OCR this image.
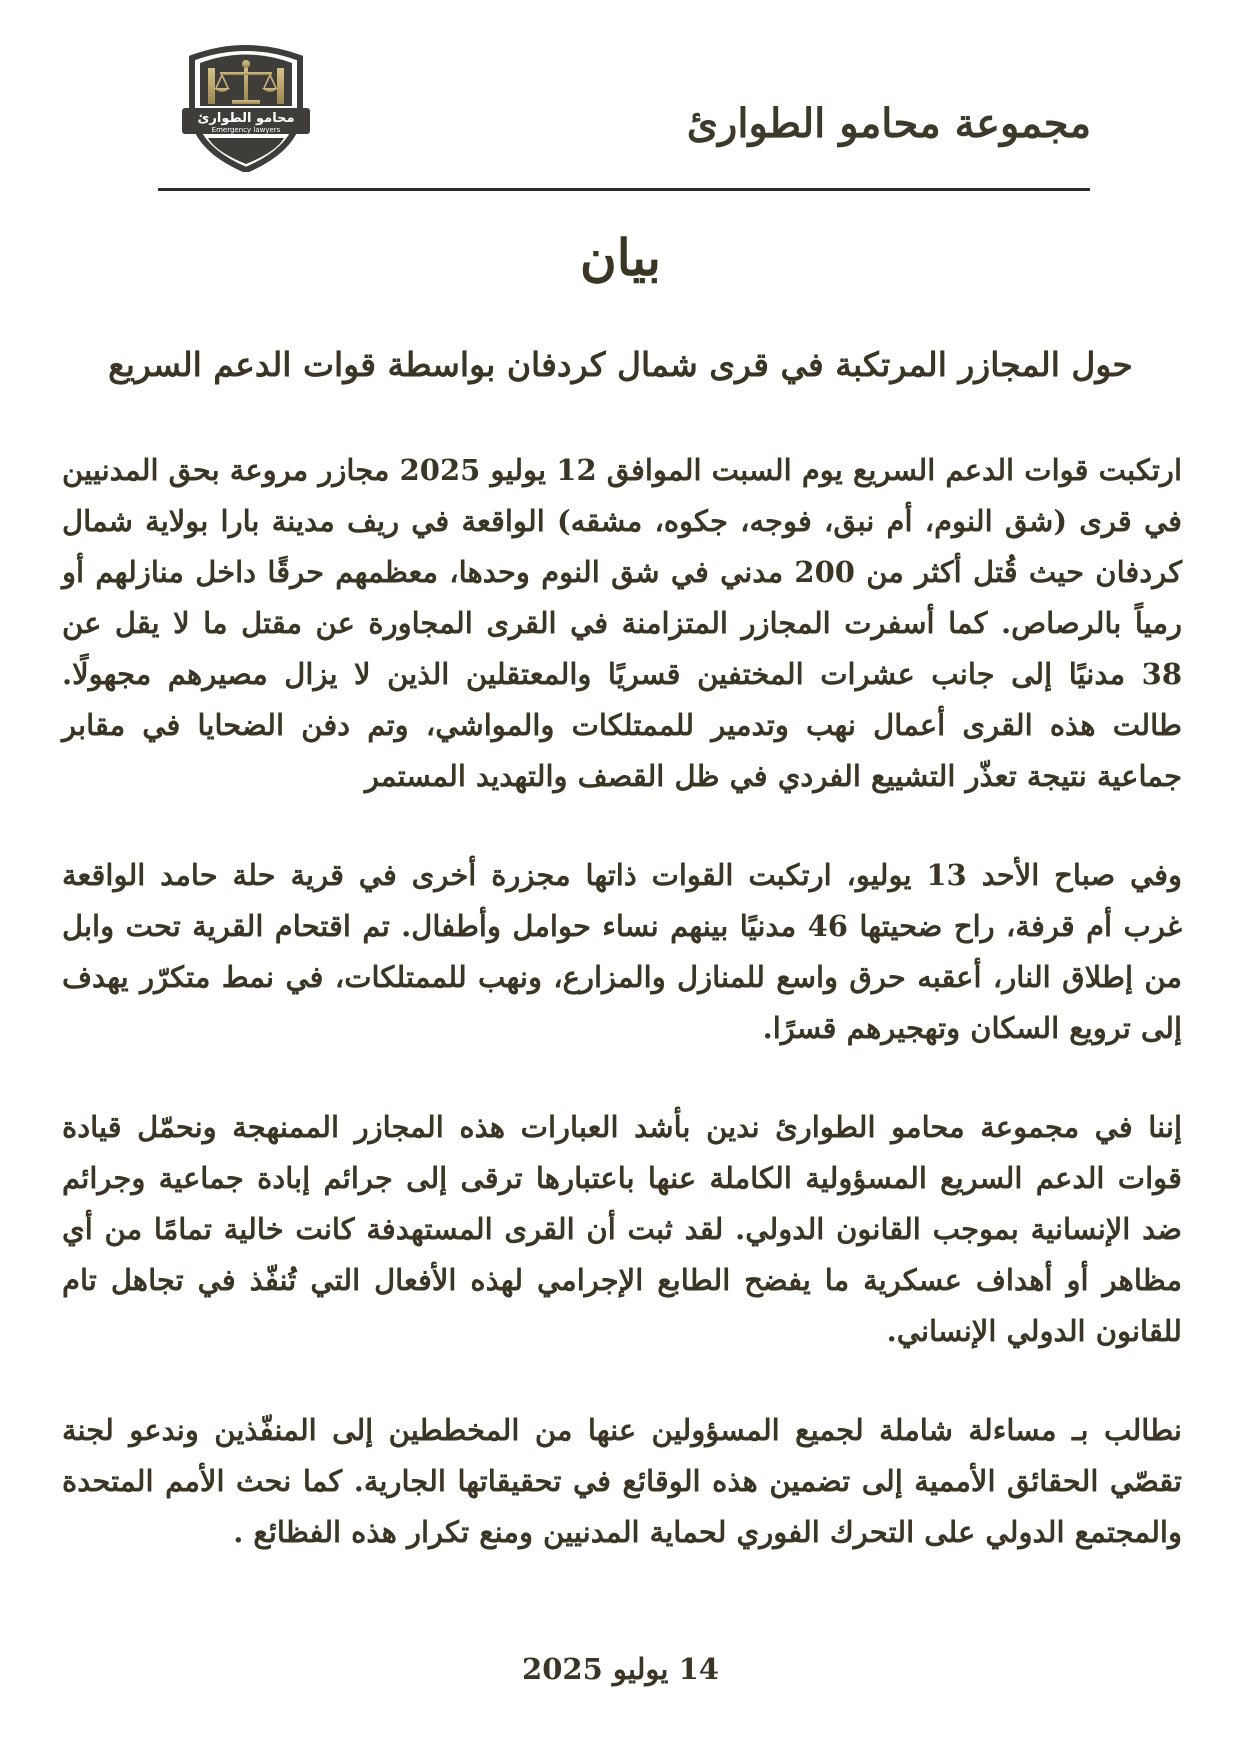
محامو الطوارئ
Emergency lawyers	مجموعة محامو الطوارئ
بيان
حول المجازر المرتكبة في قرى شمال كردفان بواسطة قوات الدعم السريع

ارتكبت قوات الدعم السريع يوم السبت الموافق 12 يوليو 2025 مجازر مروعة بحق المدنيين في قرى (شق النوم، أم نبق، فوجه، جكوه، مشقه) الواقعة في ريف مدينة بارا بولاية شمال كردفان حيث قُتل أكثر من 200 مدني في شق النوم وحدها، معظمهم حرقًا داخل منازلهم أو رمياً بالرصاص. كما أسفرت المجازر المتزامنة في القرى المجاورة عن مقتل ما لا يقل عن 38 مدنيًا إلى جانب عشرات المختفين قسريًا والمعتقلين الذين لا يزال مصيرهم مجهولًا. طالت هذه القرى أعمال نهب وتدمير للممتلكات والمواشي، وتم دفن الضحايا في مقابر جماعية نتيجة تعذّر التشييع الفردي في ظل القصف والتهديد المستمر

وفي صباح الأحد 13 يوليو، ارتكبت القوات ذاتها مجزرة أخرى في قرية حلة حامد الواقعة غرب أم قرفة، راح ضحيتها 46 مدنيًا بينهم نساء حوامل وأطفال. تم اقتحام القرية تحت وابل من إطلاق النار، أعقبه حرق واسع للمنازل والمزارع، ونهب للممتلكات، في نمط متكرّر يهدف إلى ترويع السكان وتهجيرهم قسرًا.

إننا في مجموعة محامو الطوارئ ندين بأشد العبارات هذه المجازر الممنهجة ونحمّل قيادة قوات الدعم السريع المسؤولية الكاملة عنها باعتبارها ترقى إلى جرائم إبادة جماعية وجرائم ضد الإنسانية بموجب القانون الدولي. لقد ثبت أن القرى المستهدفة كانت خالية تمامًا من أي مظاهر أو أهداف عسكرية ما يفضح الطابع الإجرامي لهذه الأفعال التي تُنفّذ في تجاهل تام للقانون الدولي الإنساني.

نطالب بـ مساءلة شاملة لجميع المسؤولين عنها من المخططين إلى المنفّذين وندعو لجنة تقصّي الحقائق الأممية إلى تضمين هذه الوقائع في تحقيقاتها الجارية. كما نحث الأمم المتحدة والمجتمع الدولي على التحرك الفوري لحماية المدنيين ومنع تكرار هذه الفظائع .

14 يوليو 2025
